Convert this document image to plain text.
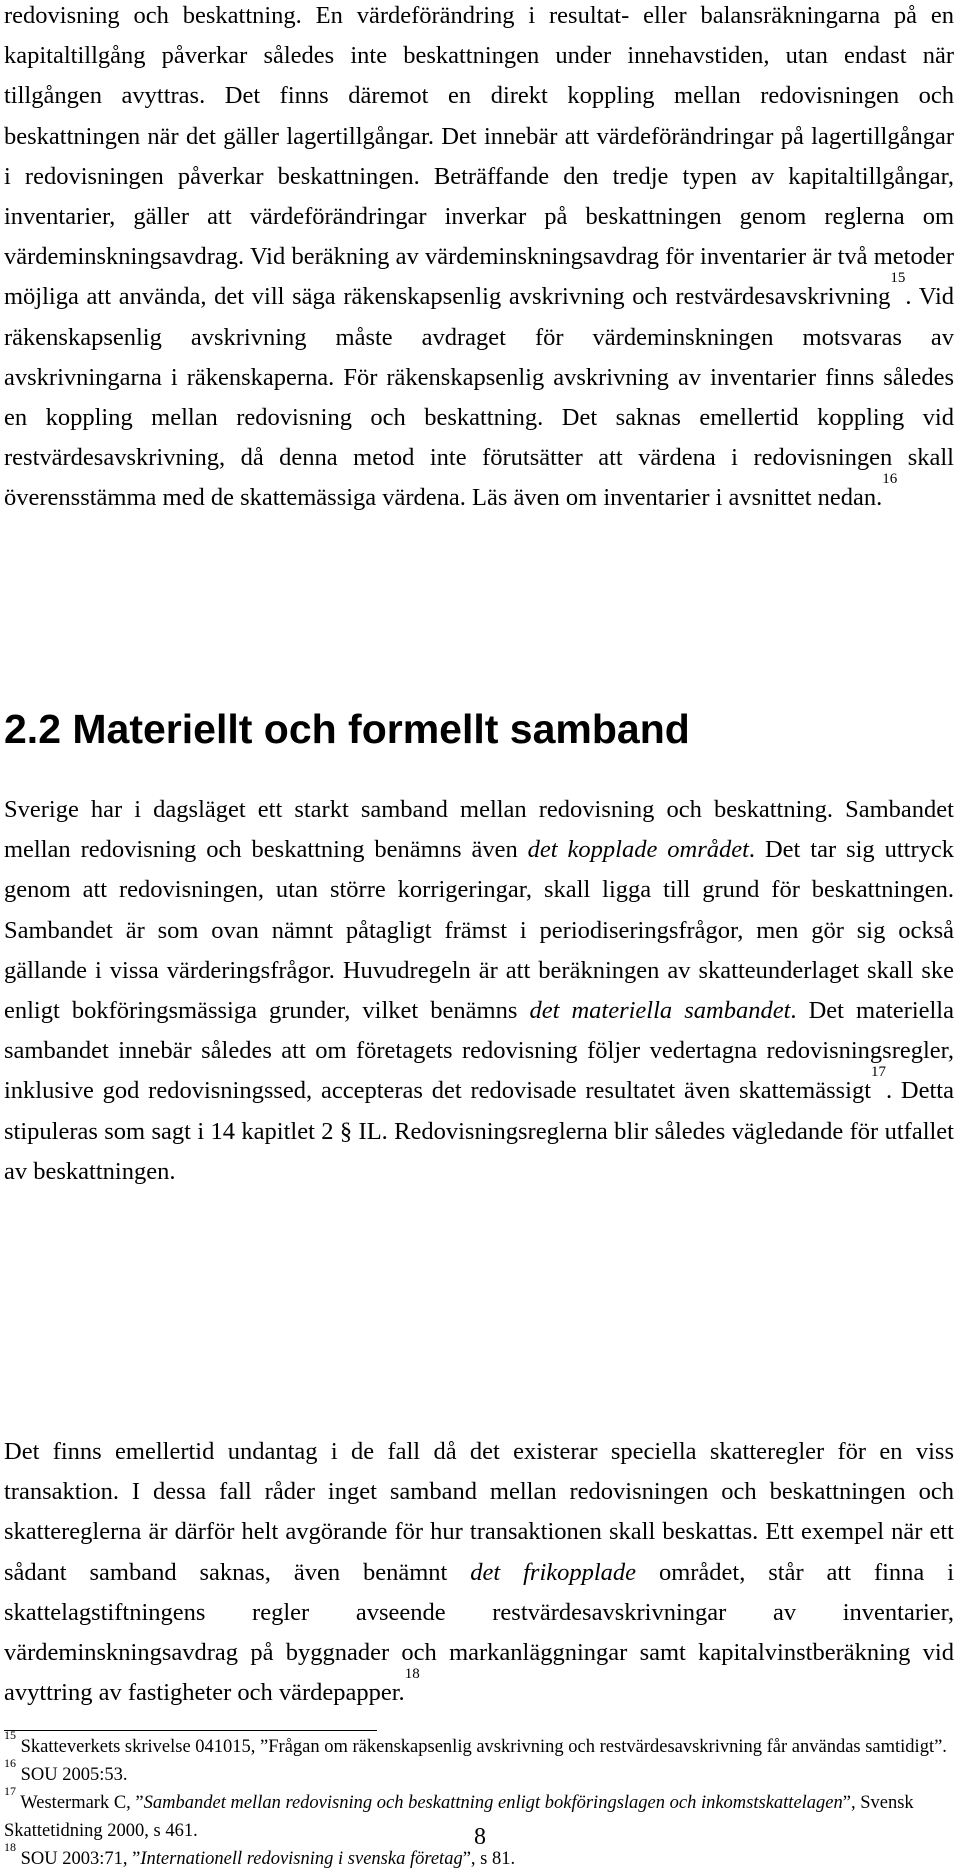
redovisning och beskattning. En värdeförändring i resultat- eller balansräkningarna på en kapitaltillgång påverkar således inte beskattningen under innehavstiden, utan endast när tillgången avyttras. Det finns däremot en direkt koppling mellan redovisningen och beskattningen när det gäller lagertillgångar. Det innebär att värdeförändringar på lagertillgångar i redovisningen påverkar beskattningen. Beträffande den tredje typen av kapitaltillgångar, inventarier, gäller att värdeförändringar inverkar på beskattningen genom reglerna om värdeminskningsavdrag. Vid beräkning av värdeminskningsavdrag för inventarier är två metoder möjliga att använda, det vill säga räkenskapsenlig avskrivning och restvärdesavskrivning$^{15}$. Vid räkenskapsenlig avskrivning måste avdraget för värdeminskningen motsvaras av avskrivningarna i räkenskaperna. För räkenskapsenlig avskrivning av inventarier finns således en koppling mellan redovisning och beskattning. Det saknas emellertid koppling vid restvärdesavskrivning, då denna metod inte förutsätter att värdena i redovisningen skall överensstämma med de skattemässiga värdena. Läs även om inventarier i avsnittet nedan.$^{16}$

2.2 Materiellt och formellt samband

Sverige har i dagsläget ett starkt samband mellan redovisning och beskattning. Sambandet mellan redovisning och beskattning benämns även det kopplade området. Det tar sig uttryck genom att redovisningen, utan större korrigeringar, skall ligga till grund för beskattningen. Sambandet är som ovan nämnt påtagligt främst i periodiseringsfrågor, men gör sig också gällande i vissa värderingsfrågor. Huvudregeln är att beräkningen av skatteunderlaget skall ske enligt bokföringsmässiga grunder, vilket benämns det materiella sambandet. Det materiella sambandet innebär således att om företagets redovisning följer vedertagna redovisningsregler, inklusive god redovisningssed, accepteras det redovisade resultatet även skattemässigt$^{17}$. Detta stipuleras som sagt i 14 kapitlet 2 § IL. Redovisningsreglerna blir således vägledande för utfallet av beskattningen.

Det finns emellertid undantag i de fall då det existerar speciella skatteregler för en viss transaktion. I dessa fall råder inget samband mellan redovisningen och beskattningen och skattereglerna är därför helt avgörande för hur transaktionen skall beskattas. Ett exempel när ett sådant samband saknas, även benämnt det frikopplade området, står att finna i skattelagstiftningens regler avseende restvärdesavskrivningar av inventarier, värdeminskningsavdrag på byggnader och markanläggningar samt kapitalvinstberäkning vid avyttring av fastigheter och värdepapper.$^{18}$

$^{15}$ Skatteverkets skrivelse 041015, ”Frågan om räkenskapsenlig avskrivning och restvärdesavskrivning får användas samtidigt”.

$^{16}$ SOU 2005:53.

$^{17}$ Westermark C, ”Sambandet mellan redovisning och beskattning enligt bokföringslagen och inkomstskattelagen”, Svensk Skattetidning 2000, s 461.

$^{18}$ SOU 2003:71, ”Internationell redovisning i svenska företag”, s 81.

8
